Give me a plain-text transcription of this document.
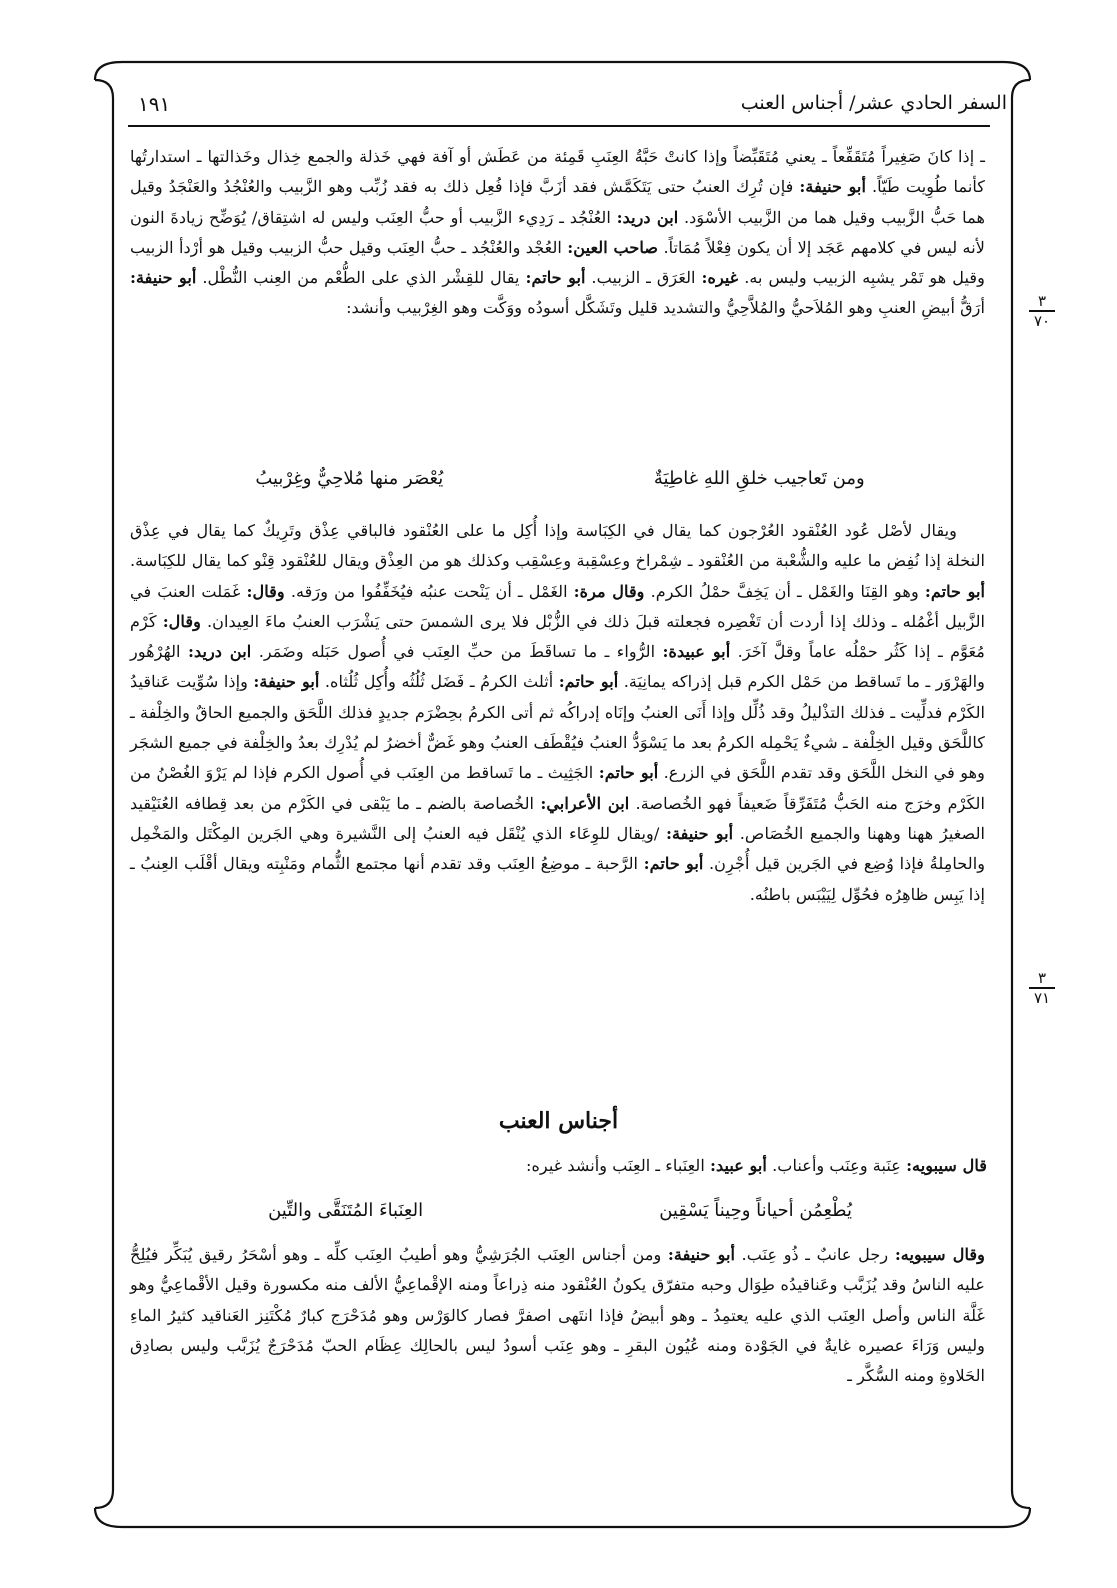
السفر الحادي عشر/ أجناس العنب
١٩١
٣
٧٠
٣
٧١
ـ إذا كانَ صَغِيراً مُتَقَفِّعاً ـ يعني مُتَقَبِّضاً وإذا كانتْ حَبَّةُ العِنَبِ قَمِئة من عَطَش أو آفة فهي خَذلة والجمع خِذال وخَذالتها ـ استدارتُها كأنما طُوِيت طَيّاً. أبو حنيفة: فإن تُرِك العنبُ حتى يَتَكَمَّش فقد أزَبَّ فإذا فُعِل ذلك به فقد زُبِّب وهو الزَّبيب والعُنْجُدُ والعَنْجَدُ وقيل هما حَبُّ الزَّبيب وقيل هما من الزَّبيب الأسْوَد. ابن دريد: العُنْجُد ـ رَدِيء الزَّبيب أو حبُّ العِنَب وليس له اشتِقاق/ يُوَضِّح زيادةَ النون لأنه ليس في كلامهم عَجَد إلا أن يكون فِعْلاً مُمَاتاً. صاحب العين: العُجْد والعُنْجُد ـ حبُّ العِنَب وقيل حبُّ الزبيب وقيل هو أرْدأ الزبيب وقيل هو تَمْر يشبِه الزبيب وليس به. غيره: العَرَق ـ الزبيب. أبو حاتم: يقال للقِشْر الذي على الطُّعْم من العِنب النُّطْل. أبو حنيفة: أرَقُّ أبيضِ العنبِ وهو المُلاَحيُّ والمُلاَّحِيُّ والتشديد قليل وتَشَكَّل أسودُه ووَكَّت وهو الغِرْبيب وأنشد:
ومن تَعاجيب خلقِ اللهِ غاطِيَةٌ
يُعْصَر منها مُلاحِيٌّ وغِرْبيبُ
ويقال لأصْل عُود العُنْقود العُرْجون كما يقال في الكِبَاسة وإذا أُكِل ما على العُنْقود فالباقي عِذْق وتَرِيكٌ كما يقال في عِذْق النخلة إذا نُفِض ما عليه والشُّعْبة من العُنْقود ـ شِمْراخ وعِسْقِبة وعِسْقِب وكذلك هو من العِذْق ويقال للعُنْقود قِنْو كما يقال للكِبَاسة. أبو حاتم: وهو القِنَا والغَمْل ـ أن يَخِفَّ حمْلُ الكرم. وقال مرة: الغَمْل ـ أن يَنْحت عنبُه فيُخَفِّفُوا من ورَقه. وقال: غَمَلت العنبَ في الزَّبيل أغْمُله ـ وذلك إذا أردت أن تَغْصِره فجعلته قبلَ ذلك في الزُّبْل فلا يرى الشمسَ حتى يَشْرَب العنبُ ماءَ العِيدان. وقال: كَرْم مُعَوَّم ـ إذا كَثُر حمْلُه عاماً وقلَّ آخَرَ. أبو عبيدة: الرُّواء ـ ما تساقَطَ من حبِّ العِنَب في أُصول حَبَله وضَمَر. ابن دريد: الهُرْهُور والهَرْوَر ـ ما تَساقط من حَمْل الكرم قبل إذراكه يمانِيَة. أبو حاتم: أثلث الكرمُ ـ فَضَل ثُلُثُه وأُكِل ثُلُثاه. أبو حنيفة: وإذا سُوِّيت عَناقيدُ الكَرْم فدلِّيت ـ فذلك التذْليلُ وقد ذُلِّل وإذا أَنَى العنبُ وإنَاه إدراكُه ثم أتى الكرمُ بحِضْرَم جديدٍ فذلك اللَّحَق والجميع الحاقٌ والخِلْفة ـ كاللَّحَق وقيل الخِلْفة ـ شيءٌ يَحْمِله الكرمُ بعد ما يَسْوَدُّ العنبُ فيُقْطَف العنبُ وهو غَضٌّ أخضرُ لم يُدْرِك بعدُ والخِلْفة في جميع الشجَر وهو في النخل اللَّحَق وقد تقدم اللَّحَق في الزرع. أبو حاتم: الجَثِيث ـ ما تَساقط من العِنَب في أُصول الكرم فإذا لم يَرْوَ الغُصْنُ من الكَرْم وخرَج منه الحَبُّ مُتَفَرِّقاً ضَعيفاً فهو الخُصاصة. ابن الأعرابي: الخُصاصة بالضم ـ ما يَبْقى في الكَرْم من بعد قِطافه العُنَيْقيد الصغيرُ ههنا وههنا والجميع الخُصَاص. أبو حنيفة: /ويقال للوِعَاء الذي يُنْقَل فيه العنبُ إلى النَّشيرة وهي الجَرين المِكْتَل والمَخْمِل والحامِلةُ فإذا وُضِع في الجَرين قيل أُجْرِن. أبو حاتم: الرَّحبة ـ موضِعُ العِنَب وقد تقدم أنها مجتمع الثُّمام ومَنْبِته ويقال أقْلَب العِنبُ ـ إذا يَبِس ظاهِرُه فحُوِّل لِيَيْبَس باطنُه.
أجناس العنب
قال سيبويه: عِنَبة وعِنَب وأعناب. أبو عبيد: العِنَباء ـ العِنَب وأنشد غيره:
يُطْعِمُن أحياناً وحِيناً يَسْقِين
العِنَباءَ المُتَنَقَّى والتِّين
وقال سيبويه: رجل عانبٌ ـ ذُو عِنَب. أبو حنيفة: ومن أجناس العِنَب الجُرَشِيُّ وهو أطيبُ العِنَب كلِّه ـ وهو أسْحَرُ رقيق يُبَكِّر فيُلِحُّ عليه الناسُ وقد يُزَبَّب وعَناقيدُه طِوَال وحبه متفرّق يكونُ العُنْقود منه ذِراعاً ومنه الإقْماعِيُّ الألف منه مكسورة وقيل الأقْماعِيُّ وهو غَلَّة الناس وأصل العِنَب الذي عليه يعتمِدُ ـ وهو أبيضُ فإذا انتَهى اصفرَّ فصار كالوَرْس وهو مُدَحْرَج كبارٌ مُكْتَنِز العَناقيد كثيرُ الماءِ وليس وَرَاءَ عصيره غايةٌ في الجَوْدة ومنه عُيُون البقرِ ـ وهو عِنَب أسودُ ليس بالحالِك عِظَام الحبّ مُدَحْرَجٌ يُزَبَّب وليس بصادِق الحَلاوةِ ومنه السُّكَّر ـ
